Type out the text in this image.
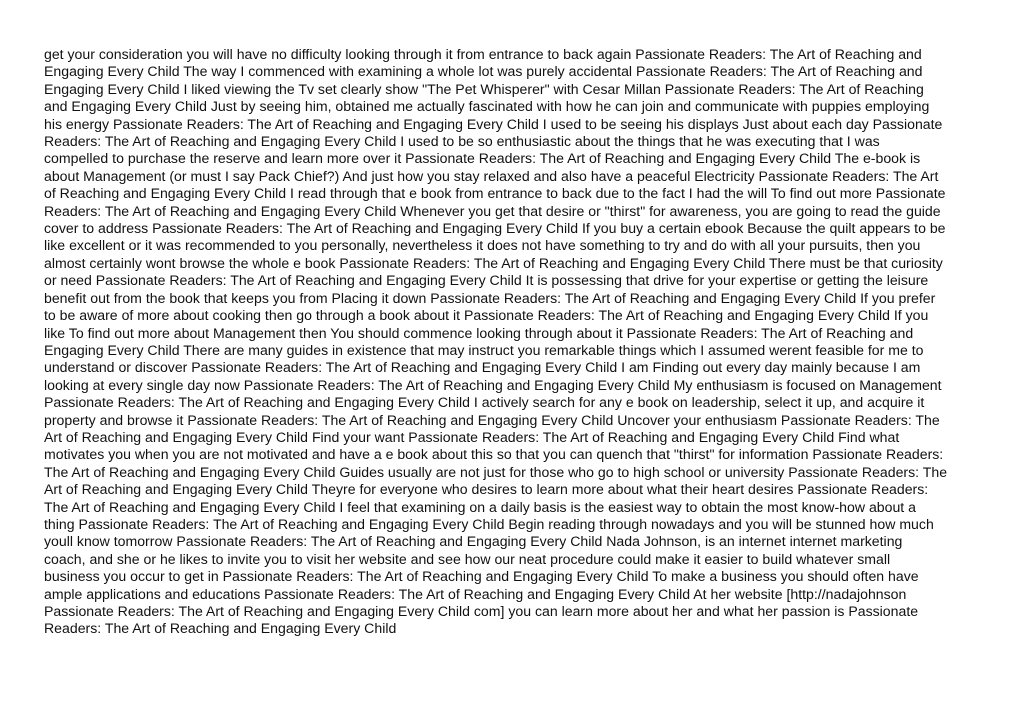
get your consideration you will have no difficulty looking through it from entrance to back again Passionate Readers: The Art of Reaching and
Engaging Every Child The way I commenced with examining a whole lot was purely accidental Passionate Readers: The Art of Reaching and
Engaging Every Child I liked viewing the Tv set clearly show "The Pet Whisperer" with Cesar Millan Passionate Readers: The Art of Reaching
and Engaging Every Child Just by seeing him, obtained me actually fascinated with how he can join and communicate with puppies employing
his energy Passionate Readers: The Art of Reaching and Engaging Every Child I used to be seeing his displays Just about each day Passionate
Readers: The Art of Reaching and Engaging Every Child I used to be so enthusiastic about the things that he was executing that I was
compelled to purchase the reserve and learn more over it Passionate Readers: The Art of Reaching and Engaging Every Child The e-book is
about Management (or must I say Pack Chief?) And just how you stay relaxed and also have a peaceful Electricity Passionate Readers: The Art
of Reaching and Engaging Every Child I read through that e book from entrance to back due to the fact I had the will To find out more Passionate
Readers: The Art of Reaching and Engaging Every Child Whenever you get that desire or "thirst" for awareness, you are going to read the guide
cover to address Passionate Readers: The Art of Reaching and Engaging Every Child If you buy a certain ebook Because the quilt appears to be
like excellent or it was recommended to you personally, nevertheless it does not have something to try and do with all your pursuits, then you
almost certainly wont browse the whole e book Passionate Readers: The Art of Reaching and Engaging Every Child There must be that curiosity
or need Passionate Readers: The Art of Reaching and Engaging Every Child It is possessing that drive for your expertise or getting the leisure
benefit out from the book that keeps you from Placing it down Passionate Readers: The Art of Reaching and Engaging Every Child If you prefer
to be aware of more about cooking then go through a book about it Passionate Readers: The Art of Reaching and Engaging Every Child If you
like To find out more about Management then You should commence looking through about it Passionate Readers: The Art of Reaching and
Engaging Every Child There are many guides in existence that may instruct you remarkable things which I assumed werent feasible for me to
understand or discover Passionate Readers: The Art of Reaching and Engaging Every Child I am Finding out every day mainly because I am
looking at every single day now Passionate Readers: The Art of Reaching and Engaging Every Child My enthusiasm is focused on Management
Passionate Readers: The Art of Reaching and Engaging Every Child I actively search for any e book on leadership, select it up, and acquire it
property and browse it Passionate Readers: The Art of Reaching and Engaging Every Child Uncover your enthusiasm Passionate Readers: The
Art of Reaching and Engaging Every Child Find your want Passionate Readers: The Art of Reaching and Engaging Every Child Find what
motivates you when you are not motivated and have a e book about this so that you can quench that "thirst" for information Passionate Readers:
The Art of Reaching and Engaging Every Child Guides usually are not just for those who go to high school or university Passionate Readers: The
Art of Reaching and Engaging Every Child Theyre for everyone who desires to learn more about what their heart desires Passionate Readers:
The Art of Reaching and Engaging Every Child I feel that examining on a daily basis is the easiest way to obtain the most know-how about a
thing Passionate Readers: The Art of Reaching and Engaging Every Child Begin reading through nowadays and you will be stunned how much
youll know tomorrow Passionate Readers: The Art of Reaching and Engaging Every Child Nada Johnson, is an internet internet marketing
coach, and she or he likes to invite you to visit her website and see how our neat procedure could make it easier to build whatever small
business you occur to get in Passionate Readers: The Art of Reaching and Engaging Every Child To make a business you should often have
ample applications and educations Passionate Readers: The Art of Reaching and Engaging Every Child At her website [http://nadajohnson
Passionate Readers: The Art of Reaching and Engaging Every Child com] you can learn more about her and what her passion is Passionate
Readers: The Art of Reaching and Engaging Every Child
